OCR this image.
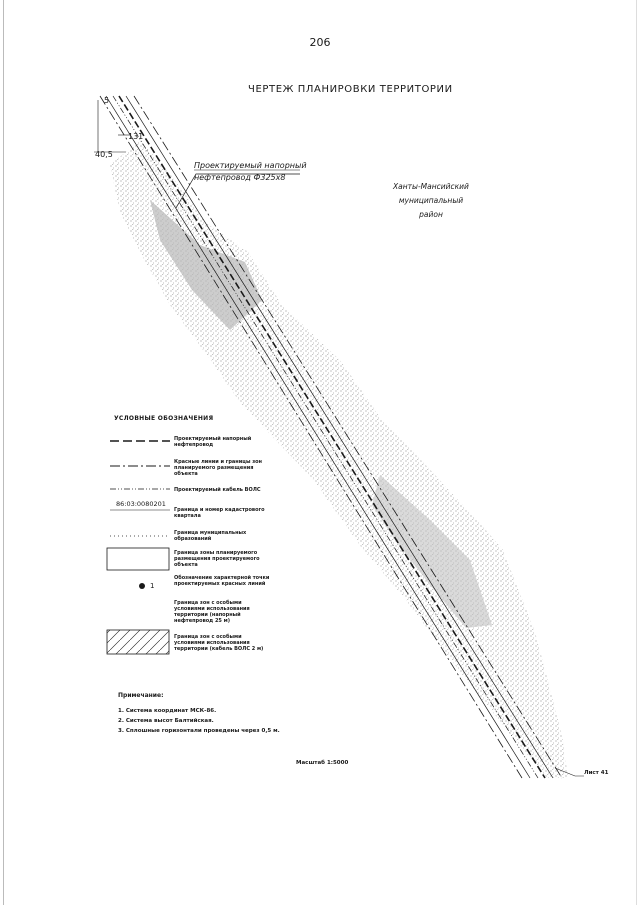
206
ЧЕРТЕЖ ПЛАНИРОВКИ ТЕРРИТОРИИ
Проектируемый напорный
нефтепровод Ф325х8
Ханты-Мансийский
муниципальный район
5
40,5
131
УСЛОВНЫЕ ОБОЗНАЧЕНИЯ
Проектируемый напорный нефтепровод
Красные линии и границы зон планируемого размещения объекта
Проектируемый кабель ВОЛС
86:03:0080201
Граница и номер кадастрового квартала
Граница муниципальных образований
Граница зоны планируемого размещения проектируемого объекта
1
Обозначение характерной точки проектируемых красных линий
Граница зон с особыми условиями использования территории (напорный нефтепровод 25 м)
Граница зон с особыми условиями использования территории (кабель ВОЛС 2 м)
Примечание:
1. Система координат МСК-86.
2. Система высот Балтийская.
3. Сплошные горизонтали проведены через 0,5 м.
Масштаб 1:5000
Лист 41
